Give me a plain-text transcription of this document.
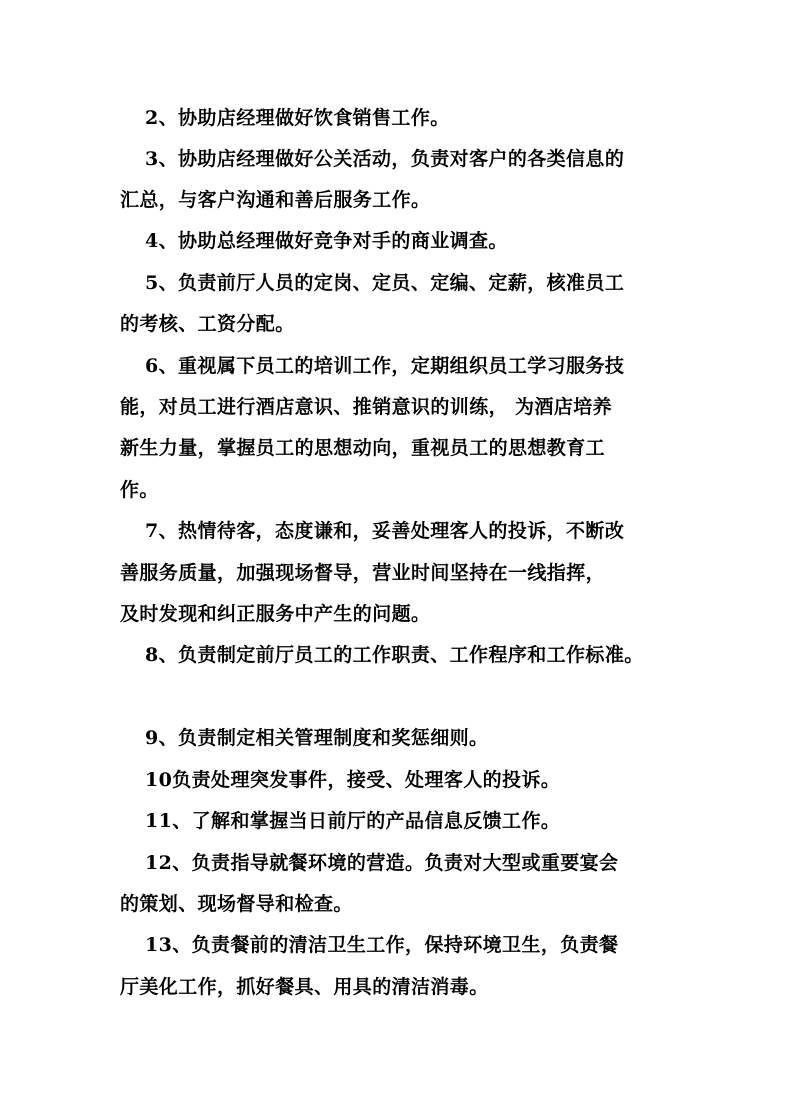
2、协助店经理做好饮食销售工作。
3、协助店经理做好公关活动，负责对客户的各类信息的
汇总，与客户沟通和善后服务工作。
4、协助总经理做好竞争对手的商业调查。
5、负责前厅人员的定岗、定员、定编、定薪，核准员工
的考核、工资分配。
6、重视属下员工的培训工作，定期组织员工学习服务技
能，对员工进行酒店意识、推销意识的训练， 为酒店培养
新生力量，掌握员工的思想动向，重视员工的思想教育工
作。
7、热情待客，态度谦和，妥善处理客人的投诉，不断改
善服务质量，加强现场督导，营业时间坚持在一线指挥，
及时发现和纠正服务中产生的问题。
8、负责制定前厅员工的工作职责、工作程序和工作标准。
9、负责制定相关管理制度和奖惩细则。
10负责处理突发事件，接受、处理客人的投诉。
11、了解和掌握当日前厅的产品信息反馈工作。
12、负责指导就餐环境的营造。负责对大型或重要宴会
的策划、现场督导和检查。
13、负责餐前的清洁卫生工作，保持环境卫生，负责餐
厅美化工作，抓好餐具、用具的清洁消毒。
